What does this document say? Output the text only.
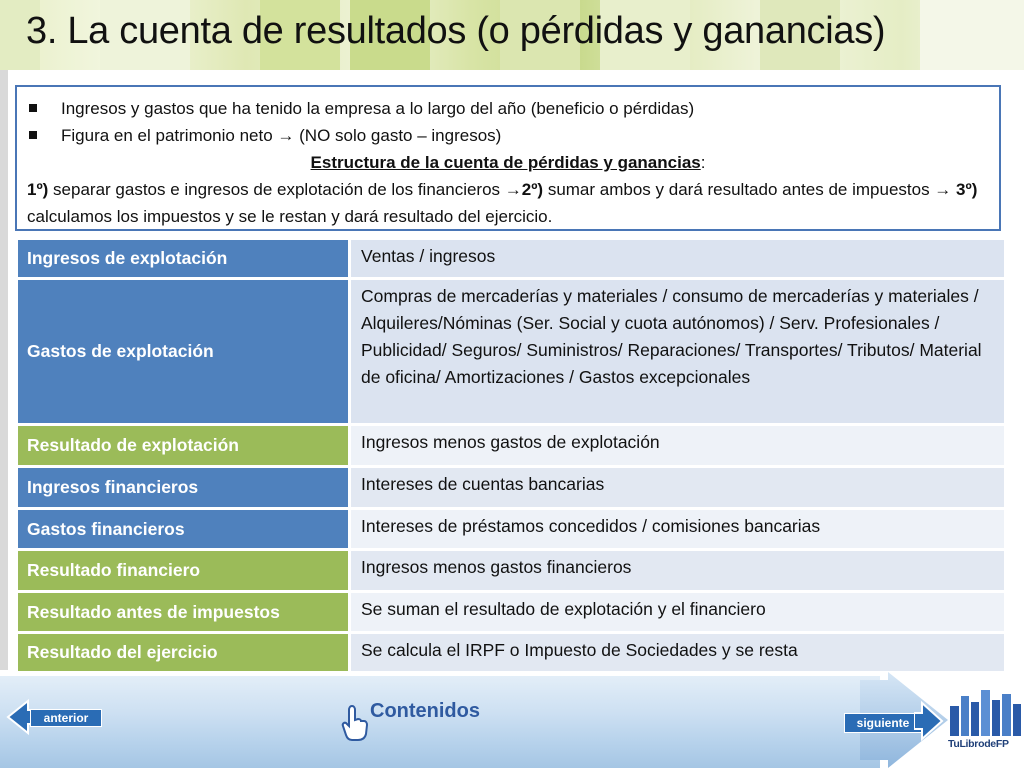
3. La cuenta de resultados (o pérdidas y ganancias)
Ingresos y gastos que ha tenido la empresa a lo largo del año (beneficio o pérdidas)
Figura en el patrimonio neto → (NO solo gasto – ingresos)
Estructura de la cuenta de pérdidas y ganancias:

1º) separar gastos e ingresos de explotación de los financieros →2º) sumar ambos y dará resultado antes de impuestos → 3º) calculamos los impuestos y se le restan y dará resultado del ejercicio.

Ingresos de explotación	Ventas / ingresos
Gastos de explotación	Compras de mercaderías y materiales / consumo de mercaderías y materiales / Alquileres/Nóminas (Ser. Social y cuota autónomos) / Serv. Profesionales / Publicidad/ Seguros/ Suministros/ Reparaciones/ Transportes/ Tributos/ Material de oficina/ Amortizaciones / Gastos excepcionales
Resultado de explotación	Ingresos menos gastos de explotación
Ingresos financieros	Intereses de cuentas bancarias
Gastos financieros	Intereses de préstamos concedidos / comisiones bancarias
Resultado financiero	Ingresos menos gastos financieros
Resultado antes de impuestos	Se suman el resultado de explotación y el financiero
Resultado del ejercicio	Se calcula el IRPF o Impuesto de Sociedades y se resta
anterior	Contenidos
siguiente
TuLibrodeFP
